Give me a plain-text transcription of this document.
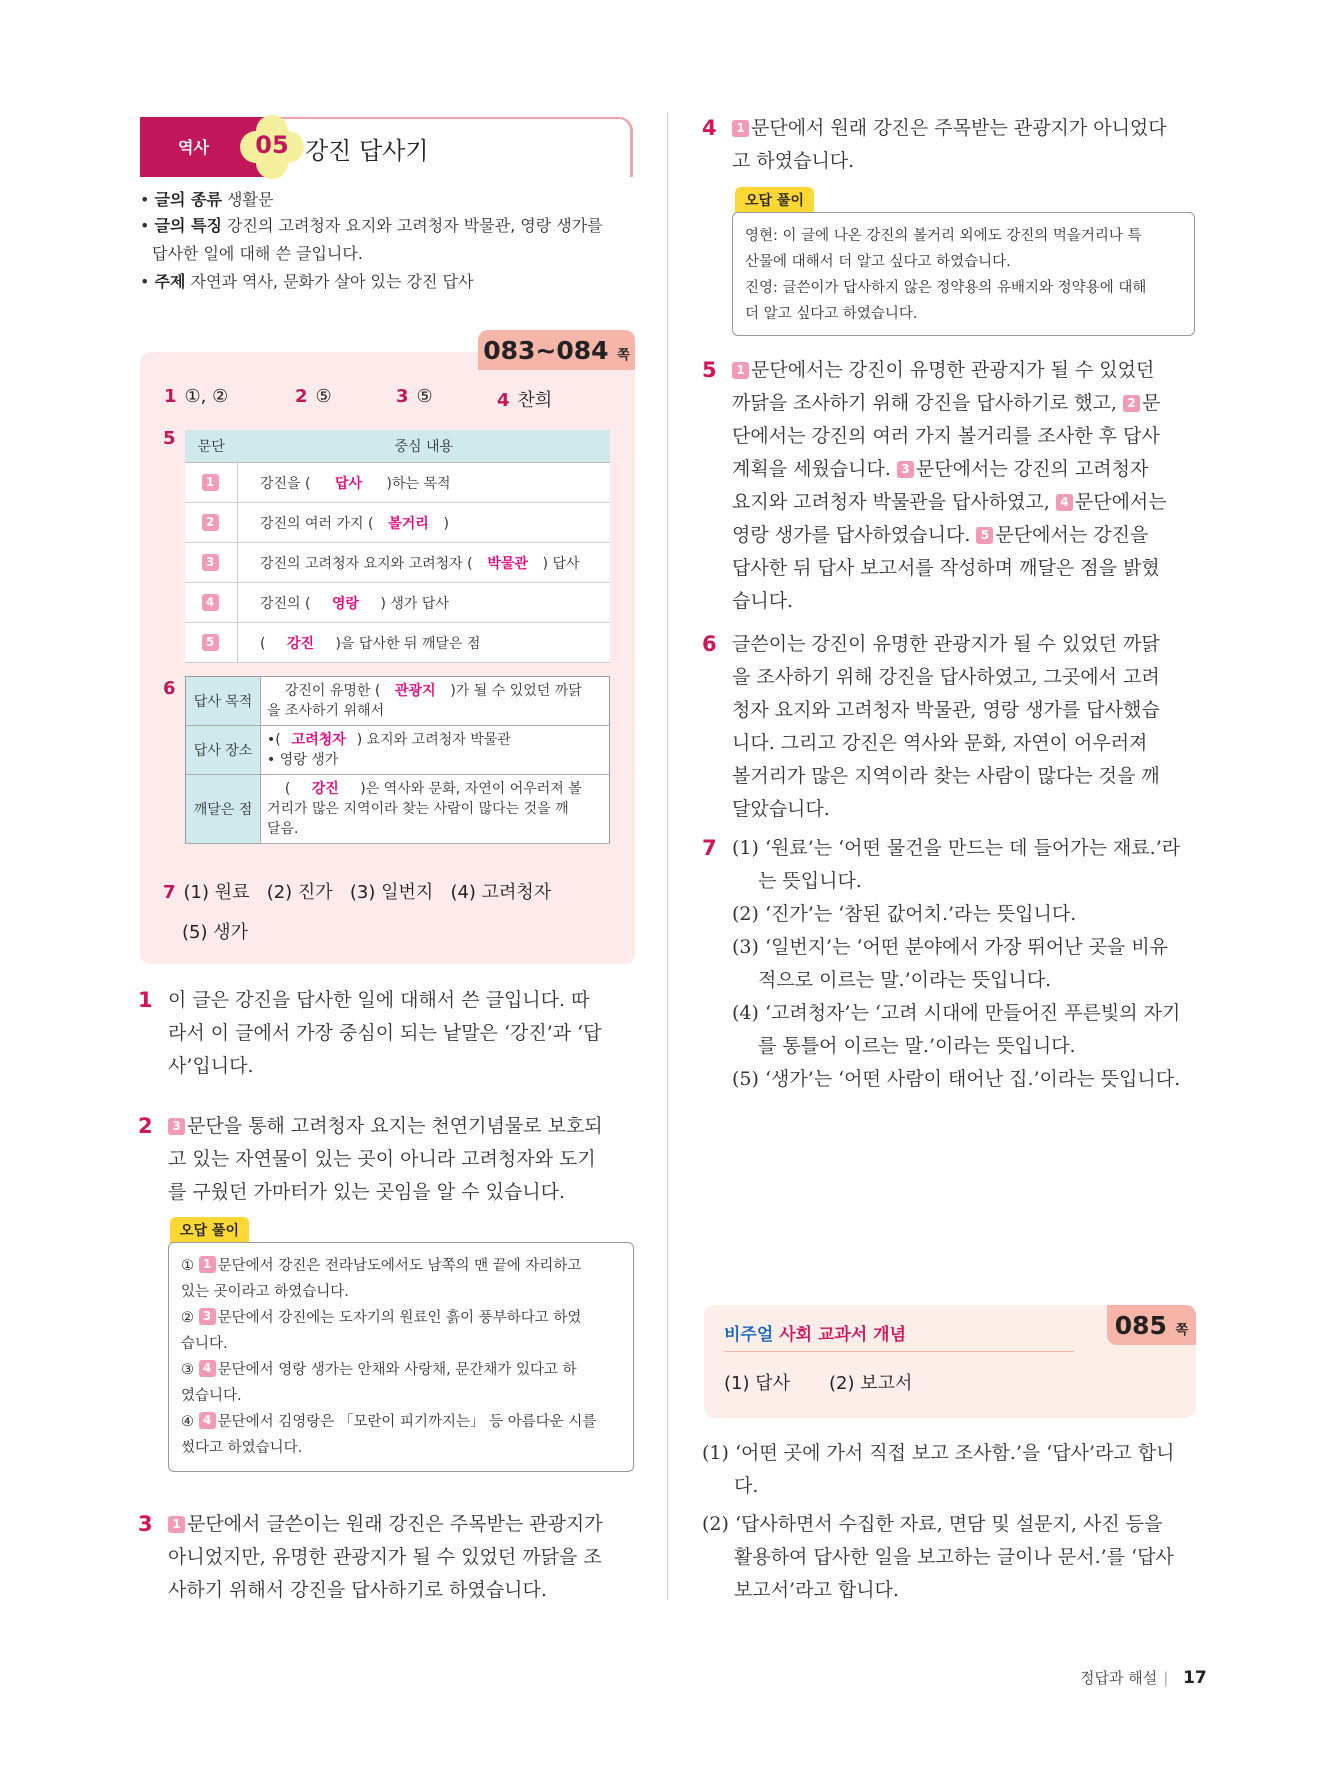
역사	05 강진 답사기
• 글의 종류 생활문
• 글의 특징 강진의 고려청자 요지와 고려청자 박물관, 영랑 생가를
답사한 일에 대해 쓴 글입니다.
• 주제 자연과 역사, 문화가 살아 있는 강진 답사
083~084 쪽
1 ①, ②	2 ⑤	3 ⑤	4 찬희
5	문단	중심 내용
1	강진을 ( 답사 )하는 목적
2	강진의 여러 가지 ( 볼거리 )
3	강진의 고려청자 요지와 고려청자 ( 박물관 ) 답사
4	강진의 ( 영랑 ) 생가 답사
5	( 강진 )을 답사한 뒤 깨달은 점
6
답사 목적	강진이 유명한 ( 관광지 )가 될 수 있었던 까닭
을 조사하기 위해서
답사 장소	•( 고려청자 ) 요지와 고려청자 박물관
• 영랑 생가
깨달은 점	( 강진 )은 역사와 문화, 자연이 어우러져 볼
거리가 많은 지역이라 찾는 사람이 많다는 것을 깨
달음.
7 (1) 원료 (2) 진가 (3) 일번지 (4) 고려청자
(5) 생가
1 이 글은 강진을 답사한 일에 대해서 쓴 글입니다. 따
라서 이 글에서 가장 중심이 되는 낱말은 ‘강진’과 ‘답
사’입니다.
2	3 문단을 통해 고려청자 요지는 천연기념물로 보호되
고 있는 자연물이 있는 곳이 아니라 고려청자와 도기
를 구웠던 가마터가 있는 곳임을 알 수 있습니다.
오답 풀이
① 1 문단에서 강진은 전라남도에서도 남쪽의 맨 끝에 자리하고
있는 곳이라고 하였습니다.
② 3 문단에서 강진에는 도자기의 원료인 흙이 풍부하다고 하였
습니다.
③ 4 문단에서 영랑 생가는 안채와 사랑채, 문간채가 있다고 하
였습니다.
④ 4 문단에서 김영랑은 「모란이 피기까지는」 등 아름다운 시를
썼다고 하였습니다.
3	1 문단에서 글쓴이는 원래 강진은 주목받는 관광지가
아니었지만, 유명한 관광지가 될 수 있었던 까닭을 조
사하기 위해서 강진을 답사하기로 하였습니다.
4	1 문단에서 원래 강진은 주목받는 관광지가 아니었다
고 하였습니다.
오답 풀이
영현: 이 글에 나온 강진의 볼거리 외에도 강진의 먹을거리나 특
산물에 대해서 더 알고 싶다고 하였습니다.
진영: 글쓴이가 답사하지 않은 정약용의 유배지와 정약용에 대해
더 알고 싶다고 하였습니다.
5	1 문단에서는 강진이 유명한 관광지가 될 수 있었던
까닭을 조사하기 위해 강진을 답사하기로 했고, 2 문
단에서는 강진의 여러 가지 볼거리를 조사한 후 답사
계획을 세웠습니다. 3 문단에서는 강진의 고려청자
요지와 고려청자 박물관을 답사하였고, 4 문단에서는
영랑 생가를 답사하였습니다. 5 문단에서는 강진을
답사한 뒤 답사 보고서를 작성하며 깨달은 점을 밝혔
습니다.
6 글쓴이는 강진이 유명한 관광지가 될 수 있었던 까닭
을 조사하기 위해 강진을 답사하였고, 그곳에서 고려
청자 요지와 고려청자 박물관, 영랑 생가를 답사했습
니다. 그리고 강진은 역사와 문화, 자연이 어우러져
볼거리가 많은 지역이라 찾는 사람이 많다는 것을 깨
달았습니다.
7 (1) ‘원료’는 ‘어떤 물건을 만드는 데 들어가는 재료.’라
는 뜻입니다.
(2) ‘진가’는 ‘참된 값어치.’라는 뜻입니다.
(3) ‘일번지’는 ‘어떤 분야에서 가장 뛰어난 곳을 비유
적으로 이르는 말.’이라는 뜻입니다.
(4) ‘고려청자’는 ‘고려 시대에 만들어진 푸른빛의 자기
를 통틀어 이르는 말.’이라는 뜻입니다.
(5) ‘생가’는 ‘어떤 사람이 태어난 집.’이라는 뜻입니다.
비주얼 사회 교과서 개념
(1) 답사 (2) 보고서
085 쪽
(1) ‘어떤 곳에 가서 직접 보고 조사함.’을 ‘답사’라고 합니
다.
(2) ‘답사하면서 수집한 자료, 면담 및 설문지, 사진 등을
활용하여 답사한 일을 보고하는 글이나 문서.’를 ‘답사
보고서’라고 합니다.
정답과 해설 | 17
